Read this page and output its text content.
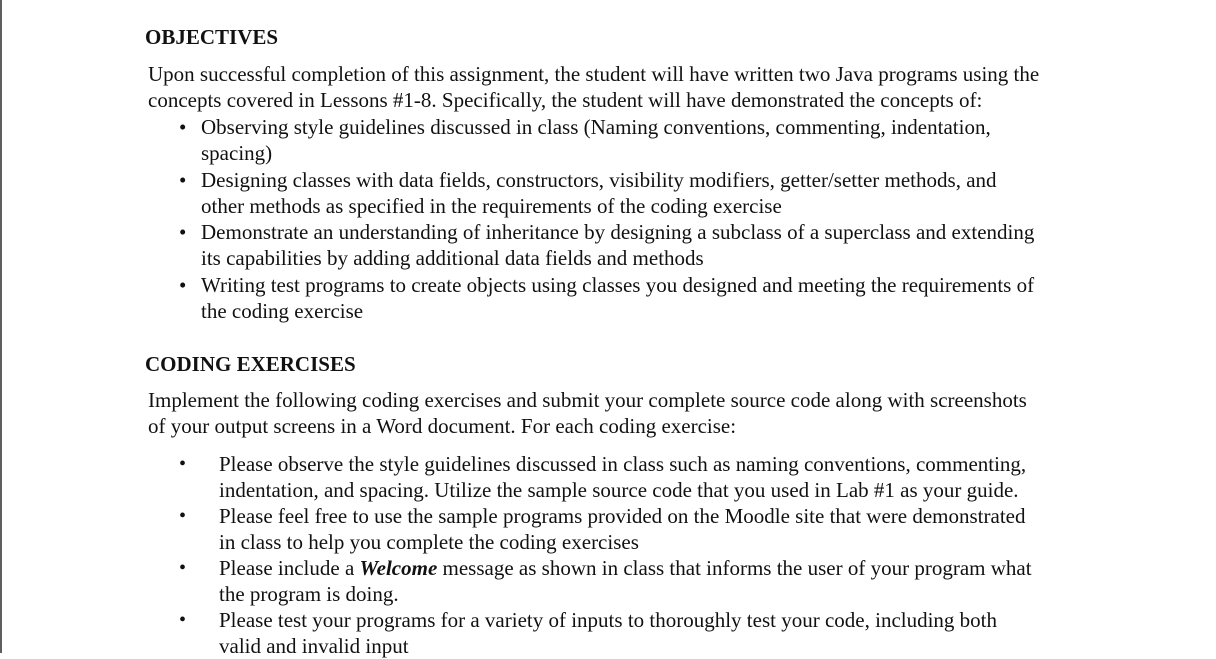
OBJECTIVES

Upon successful completion of this assignment, the student will have written two Java programs using the
concepts covered in Lessons #1-8. Specifically, the student will have demonstrated the concepts of:

• Observing style guidelines discussed in class (Naming conventions, commenting, indentation,
spacing)
• Designing classes with data fields, constructors, visibility modifiers, getter/setter methods, and
other methods as specified in the requirements of the coding exercise
• Demonstrate an understanding of inheritance by designing a subclass of a superclass and extending
its capabilities by adding additional data fields and methods
• Writing test programs to create objects using classes you designed and meeting the requirements of
the coding exercise
CODING EXERCISES

Implement the following coding exercises and submit your complete source code along with screenshots
of your output screens in a Word document. For each coding exercise:

• Please observe the style guidelines discussed in class such as naming conventions, commenting,
indentation, and spacing. Utilize the sample source code that you used in Lab #1 as your guide.
• Please feel free to use the sample programs provided on the Moodle site that were demonstrated
in class to help you complete the coding exercises
• Please include a Welcome message as shown in class that informs the user of your program what
the program is doing.
• Please test your programs for a variety of inputs to thoroughly test your code, including both
valid and invalid input
